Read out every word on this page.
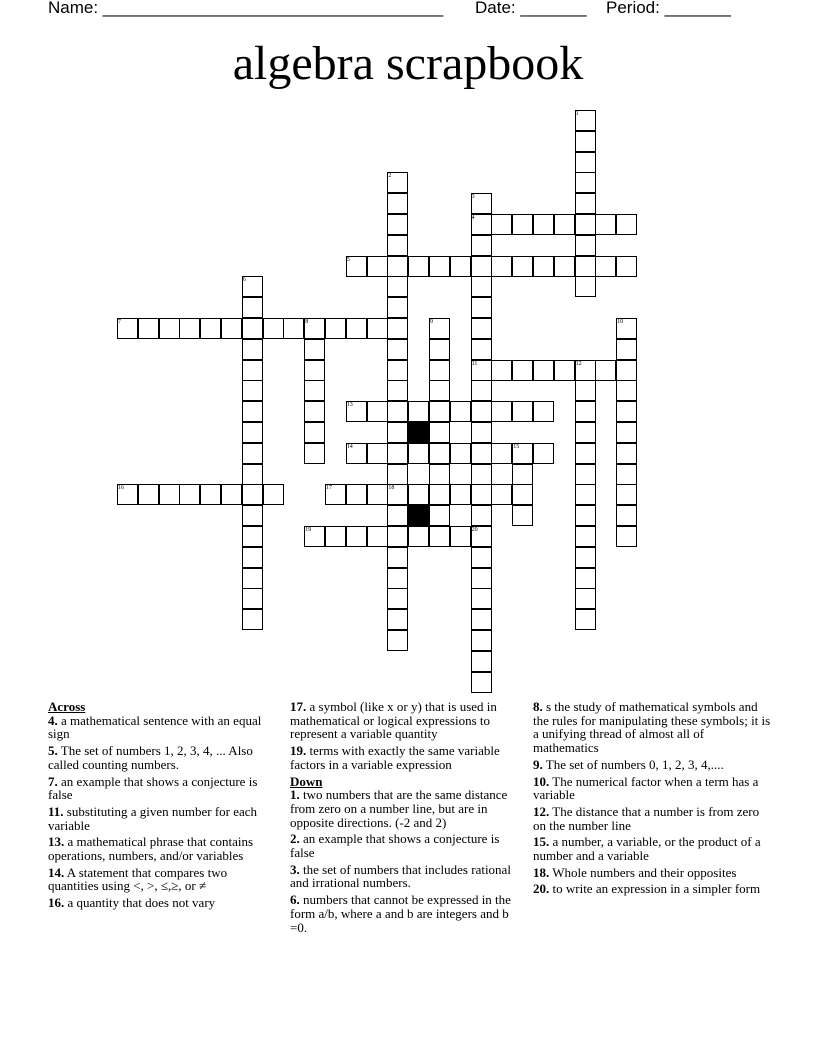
Name: ____________________________________

Date: _______

Period: _______

algebra scrapbook
1
2
3
4
5
6
7	8	9	10
11	12
13
14	15
16	17	18
19	20
Across
4. a mathematical sentence with an equal sign
5. The set of numbers 1, 2, 3, 4, ... Also called counting numbers.
7. an example that shows a conjecture is false
11. substituting a given number for each variable
13. a mathematical phrase that contains operations, numbers, and/or variables
14. A statement that compares two quantities using <, >, ≤,≥, or ≠
16. a quantity that does not vary
17. a symbol (like x or y) that is used in mathematical or logical expressions to represent a variable quantity
19. terms with exactly the same variable factors in a variable expression
Down
1. two numbers that are the same distance from zero on a number line, but are in opposite directions. (-2 and 2)
2. an example that shows a conjecture is false
3. the set of numbers that includes rational and irrational numbers.
6. numbers that cannot be expressed in the form a/b, where a and b are integers and b =0.
8. s the study of mathematical symbols and the rules for manipulating these symbols; it is a unifying thread of almost all of mathematics
9. The set of numbers 0, 1, 2, 3, 4,....
10. The numerical factor when a term has a variable
12. The distance that a number is from zero on the number line
15. a number, a variable, or the product of a number and a variable
18. Whole numbers and their opposites
20. to write an expression in a simpler form
